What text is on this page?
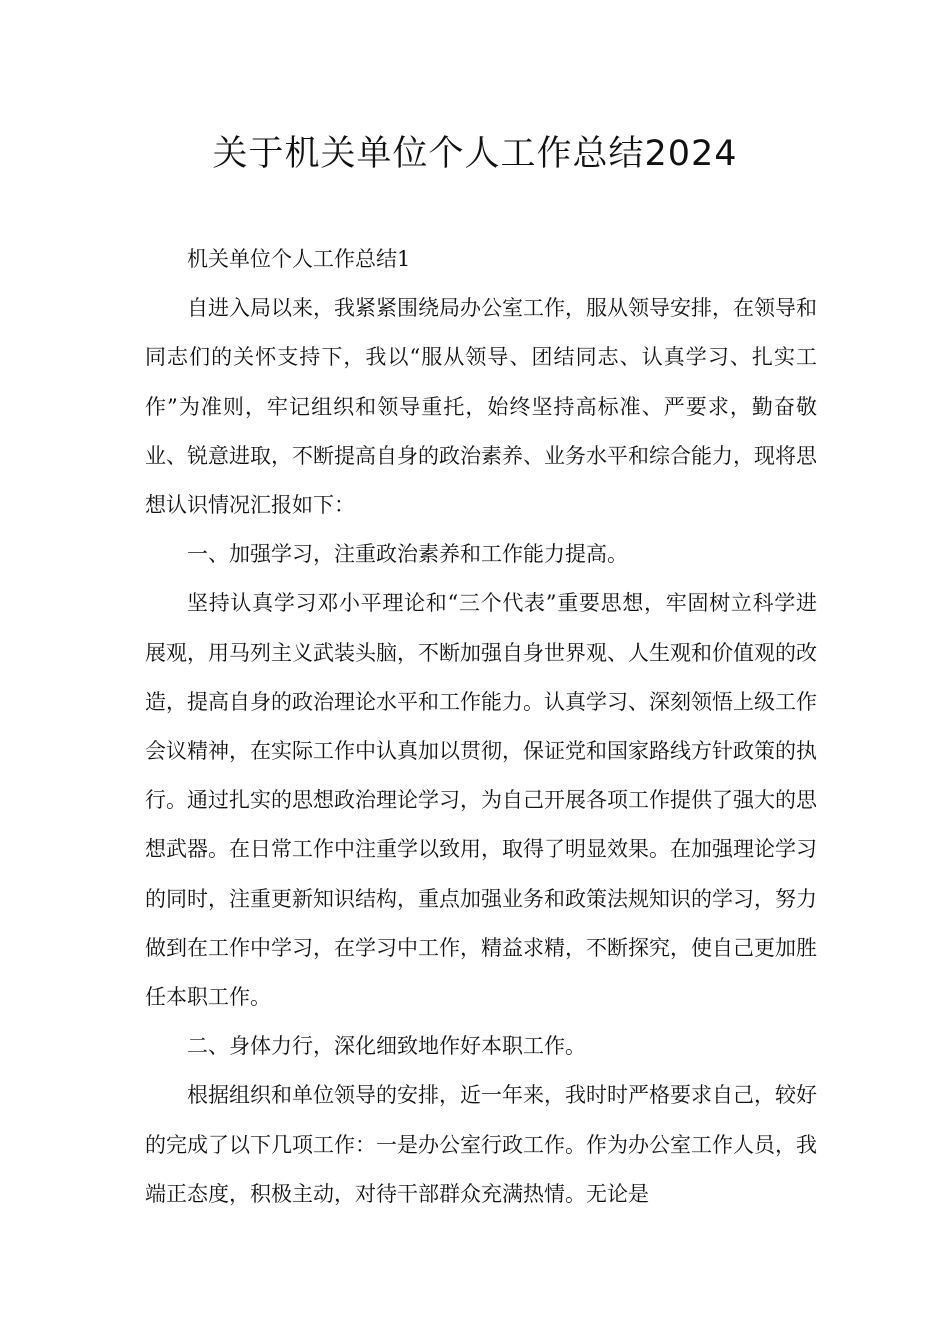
关于机关单位个人工作总结2024

机关单位个人工作总结1

自进入局以来，我紧紧围绕局办公室工作，服从领导安排，在领导和同志们的关怀支持下，我以“服从领导、团结同志、认真学习、扎实工作”为准则，牢记组织和领导重托，始终坚持高标准、严要求，勤奋敬业、锐意进取，不断提高自身的政治素养、业务水平和综合能力，现将思想认识情况汇报如下：

一、加强学习，注重政治素养和工作能力提高。

坚持认真学习邓小平理论和“三个代表”重要思想，牢固树立科学进展观，用马列主义武装头脑，不断加强自身世界观、人生观和价值观的改造，提高自身的政治理论水平和工作能力。认真学习、深刻领悟上级工作会议精神，在实际工作中认真加以贯彻，保证党和国家路线方针政策的执行。通过扎实的思想政治理论学习，为自己开展各项工作提供了强大的思想武器。在日常工作中注重学以致用，取得了明显效果。在加强理论学习的同时，注重更新知识结构，重点加强业务和政策法规知识的学习，努力做到在工作中学习，在学习中工作，精益求精，不断探究，使自己更加胜任本职工作。

二、身体力行，深化细致地作好本职工作。

根据组织和单位领导的安排，近一年来，我时时严格要求自己，较好的完成了以下几项工作：一是办公室行政工作。作为办公室工作人员，我端正态度，积极主动，对待干部群众充满热情。无论是
